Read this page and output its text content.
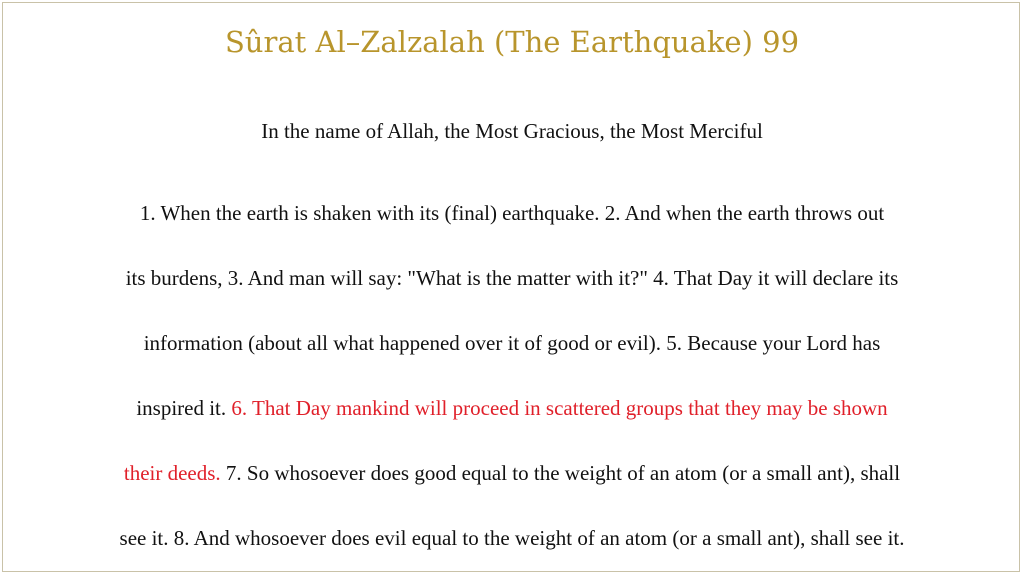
Sûrat Al–Zalzalah (The Earthquake) 99
In the name of Allah, the Most Gracious, the Most Merciful
1. When the earth is shaken with its (final) earthquake. 2. And when the earth throws out
its burdens, 3. And man will say: "What is the matter with it?" 4. That Day it will declare its
information (about all what happened over it of good or evil). 5. Because your Lord has
inspired it. 6. That Day mankind will proceed in scattered groups that they may be shown
their deeds. 7. So whosoever does good equal to the weight of an atom (or a small ant), shall
see it. 8. And whosoever does evil equal to the weight of an atom (or a small ant), shall see it.
